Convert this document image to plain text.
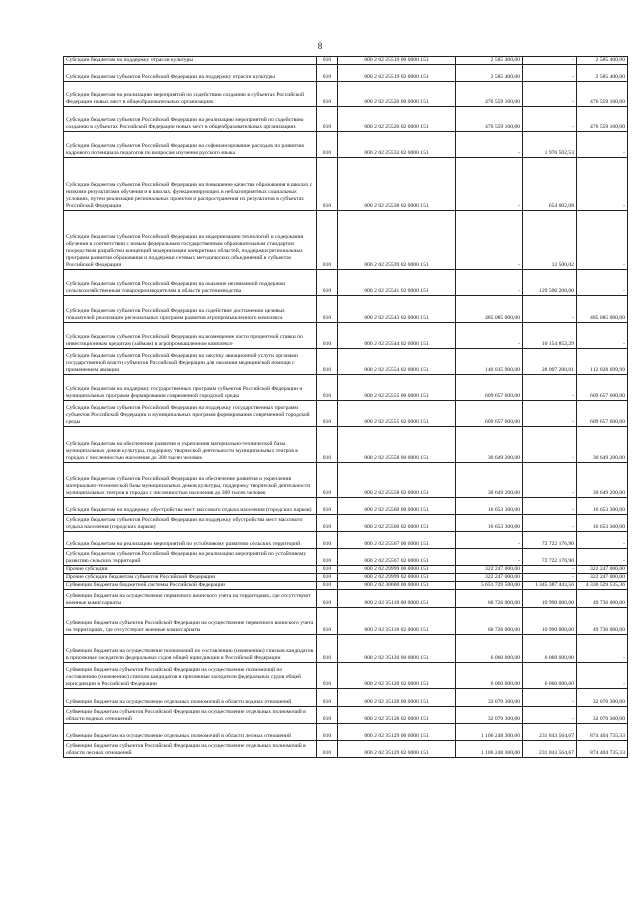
8
Субсидии бюджетам на поддержку отрасли культуры	010	000 2 02 25519 00 0000 151	2 585 400,00	-	2 585 400,00
Субсидии бюджетам субъектов Российской Федерации на поддержку отрасли культуры	010	000 2 02 25519 02 0000 151	2 585 400,00	-	2 585 400,00
Субсидии бюджетам на реализацию мероприятий по содействию созданию в субъектах Российской Федерации новых мест в общеобразовательных организациях	010	000 2 02 25520 00 0000 151	476 559 100,00	-	476 559 100,00
Субсидии бюджетам субъектов Российской Федерации на реализацию мероприятий по содействию созданию в субъектах Российской Федерации новых мест в общеобразовательных организациях	010	000 2 02 25520 02 0000 151	476 559 100,00	-	476 559 100,00
Субсидии бюджетам субъектов Российской Федерации на софинансирование расходов по развитию кадрового потенциала педагогов по вопросам изучения русского языка	010	000 2 02 25532 02 0000 151	-	1 976 502,53	-
Субсидии бюджетам субъектов Российской Федерации на повышение качества образования в школах с низкими результатами обучения и в школах, функционирующих в неблагоприятных социальных условиях, путем реализации региональных проектов и распространения их результатов в субъектах Российской Федерации	010	000 2 02 25538 02 0000 151	-	654 002,08	-
Субсидии бюджетам субъектов Российской Федерации на модернизацию технологий и содержания обучения в соответствии с новым федеральным государственным образовательным стандартом посредством разработки концепций модернизации конкретных областей, поддержки региональных программ развития образования и поддержки сетевых методических объединений в субъектах Российской Федерации	010	000 2 02 25539 02 0000 151	-	12 500,02	-
Субсидии бюджетам субъектов Российской Федерации на оказание несвязанной поддержки сельскохозяйственным товаропроизводителям в области растениеводства	010	000 2 02 25541 02 0000 151	-	129 506 200,00	-
Субсидии бюджетам субъектов Российской Федерации на содействие достижению целевых показателей реализации региональных программ развития агропромышленного комплекса	010	000 2 02 25543 02 0000 151	485 085 000,00	-	485 085 000,00
Субсидии бюджетам субъектов Российской Федерации на возмещение части процентной ставки по инвестиционным кредитам (займам) в агропромышленном комплексе	010	000 2 02 25544 02 0000 151	-	10 154 852,29	-
Субсидии бюджетам субъектов Российской Федерации на закупку авиационной услуги органами государственной власти субъектов Российской Федерации для оказания медицинской помощи с применением авиации	010	000 2 02 25554 02 0000 151	140 035 900,00	28 007 200,01	112 028 699,99
Субсидии бюджетам на поддержку государственных программ субъектов Российской Федерации и муниципальных программ формирования современной городской среды	010	000 2 02 25555 00 0000 151	609 657 600,00	-	609 657 600,00
Субсидии бюджетам субъектов Российской Федерации на поддержку государственных программ субъектов Российской Федерации и муниципальных программ формирования современной городской среды	010	000 2 02 25555 02 0000 151	609 657 600,00	-	609 657 600,00
Субсидии бюджетам на обеспечение развития и укрепления материально-технической базы муниципальных домов культуры, поддержку творческой деятельности муниципальных театров в городах с численностью населения до 300 тысяч человек	010	000 2 02 25558 00 0000 151	30 649 200,00	-	30 649 200,00
Субсидии бюджетам субъектов Российской Федерации на обеспечение развития и укрепления материально-технической базы муниципальных домов культуры, поддержку творческой деятельности муниципальных театров в городах с численностью населения до 300 тысяч человек	010	000 2 02 25558 02 0000 151	30 649 200,00	-	30 649 200,00
Субсидии бюджетам на поддержку обустройства мест массового отдыха населения (городских парков)	010	000 2 02 25560 00 0000 151	16 653 300,00	-	16 653 300,00
Субсидии бюджетам субъектов Российской Федерации на поддержку обустройства мест массового отдыха населения (городских парков)	010	000 2 02 25560 02 0000 151	16 653 300,00	-	16 653 300,00
Субсидии бюджетам на реализацию мероприятий по устойчивому развитию сельских территорий	010	000 2 02 25567 00 0000 151	-	72 722 176,90	-
Субсидии бюджетам субъектов Российской Федерации на реализацию мероприятий по устойчивому развитию сельских территорий	010	000 2 02 25567 02 0000 151	-	72 722 176,90	-
Прочие субсидии	010	000 2 02 29999 00 0000 151	322 247 000,00	-	322 247 000,00
Прочие субсидии бюджетам субъектов Российской Федерации	010	000 2 02 29999 02 0000 151	322 247 000,00	-	322 247 000,00
Субвенции бюджетам бюджетной системы Российской Федерации	010	000 2 02 30000 00 0000 151	5 651 729 500,00	1 345 387 443,56	4 330 529 535,36
Субвенции бюджетам на осуществление первичного воинского учета на территориях, где отсутствуют военные комиссариаты	010	000 2 02 35118 00 0000 151	60 726 000,00	10 990 000,00	49 736 000,00
Субвенции бюджетам субъектов Российской Федерации на осуществление первичного воинского учета на территориях, где отсутствуют военные комиссариаты	010	000 2 02 35118 02 0000 151	60 726 000,00	10 990 000,00	49 736 000,00
Субвенции бюджетам на осуществление полномочий по составлению (изменению) списков кандидатов в присяжные заседатели федеральных судов общей юрисдикции в Российской Федерации	010	000 2 02 35120 00 0000 151	6 060 000,00	6 060 000,00	-
Субвенции бюджетам субъектов Российской Федерации на осуществление полномочий по составлению (изменению) списков кандидатов в присяжные заседатели федеральных судов общей юрисдикции в Российской Федерации	010	000 2 02 35120 02 0000 151	6 060 000,00	6 060 000,00	-
Субвенции бюджетам на осуществление отдельных полномочий в области водных отношений	010	000 2 02 35128 00 0000 151	32 070 300,00	-	32 070 300,00
Субвенции бюджетам субъектов Российской Федерации на осуществление отдельных полномочий в области водных отношений	010	000 2 02 35128 02 0000 151	32 070 300,00	-	32 070 300,00
Субвенции бюджетам на осуществление отдельных полномочий в области лесных отношений	010	000 2 02 35129 00 0000 151	1 106 248 300,00	231 843 564,67	874 404 735,33
Субвенции бюджетам субъектов Российской Федерации на осуществление отдельных полномочий в области лесных отношений	010	000 2 02 35129 02 0000 151	1 106 248 300,00	231 843 564,67	874 404 735,33
